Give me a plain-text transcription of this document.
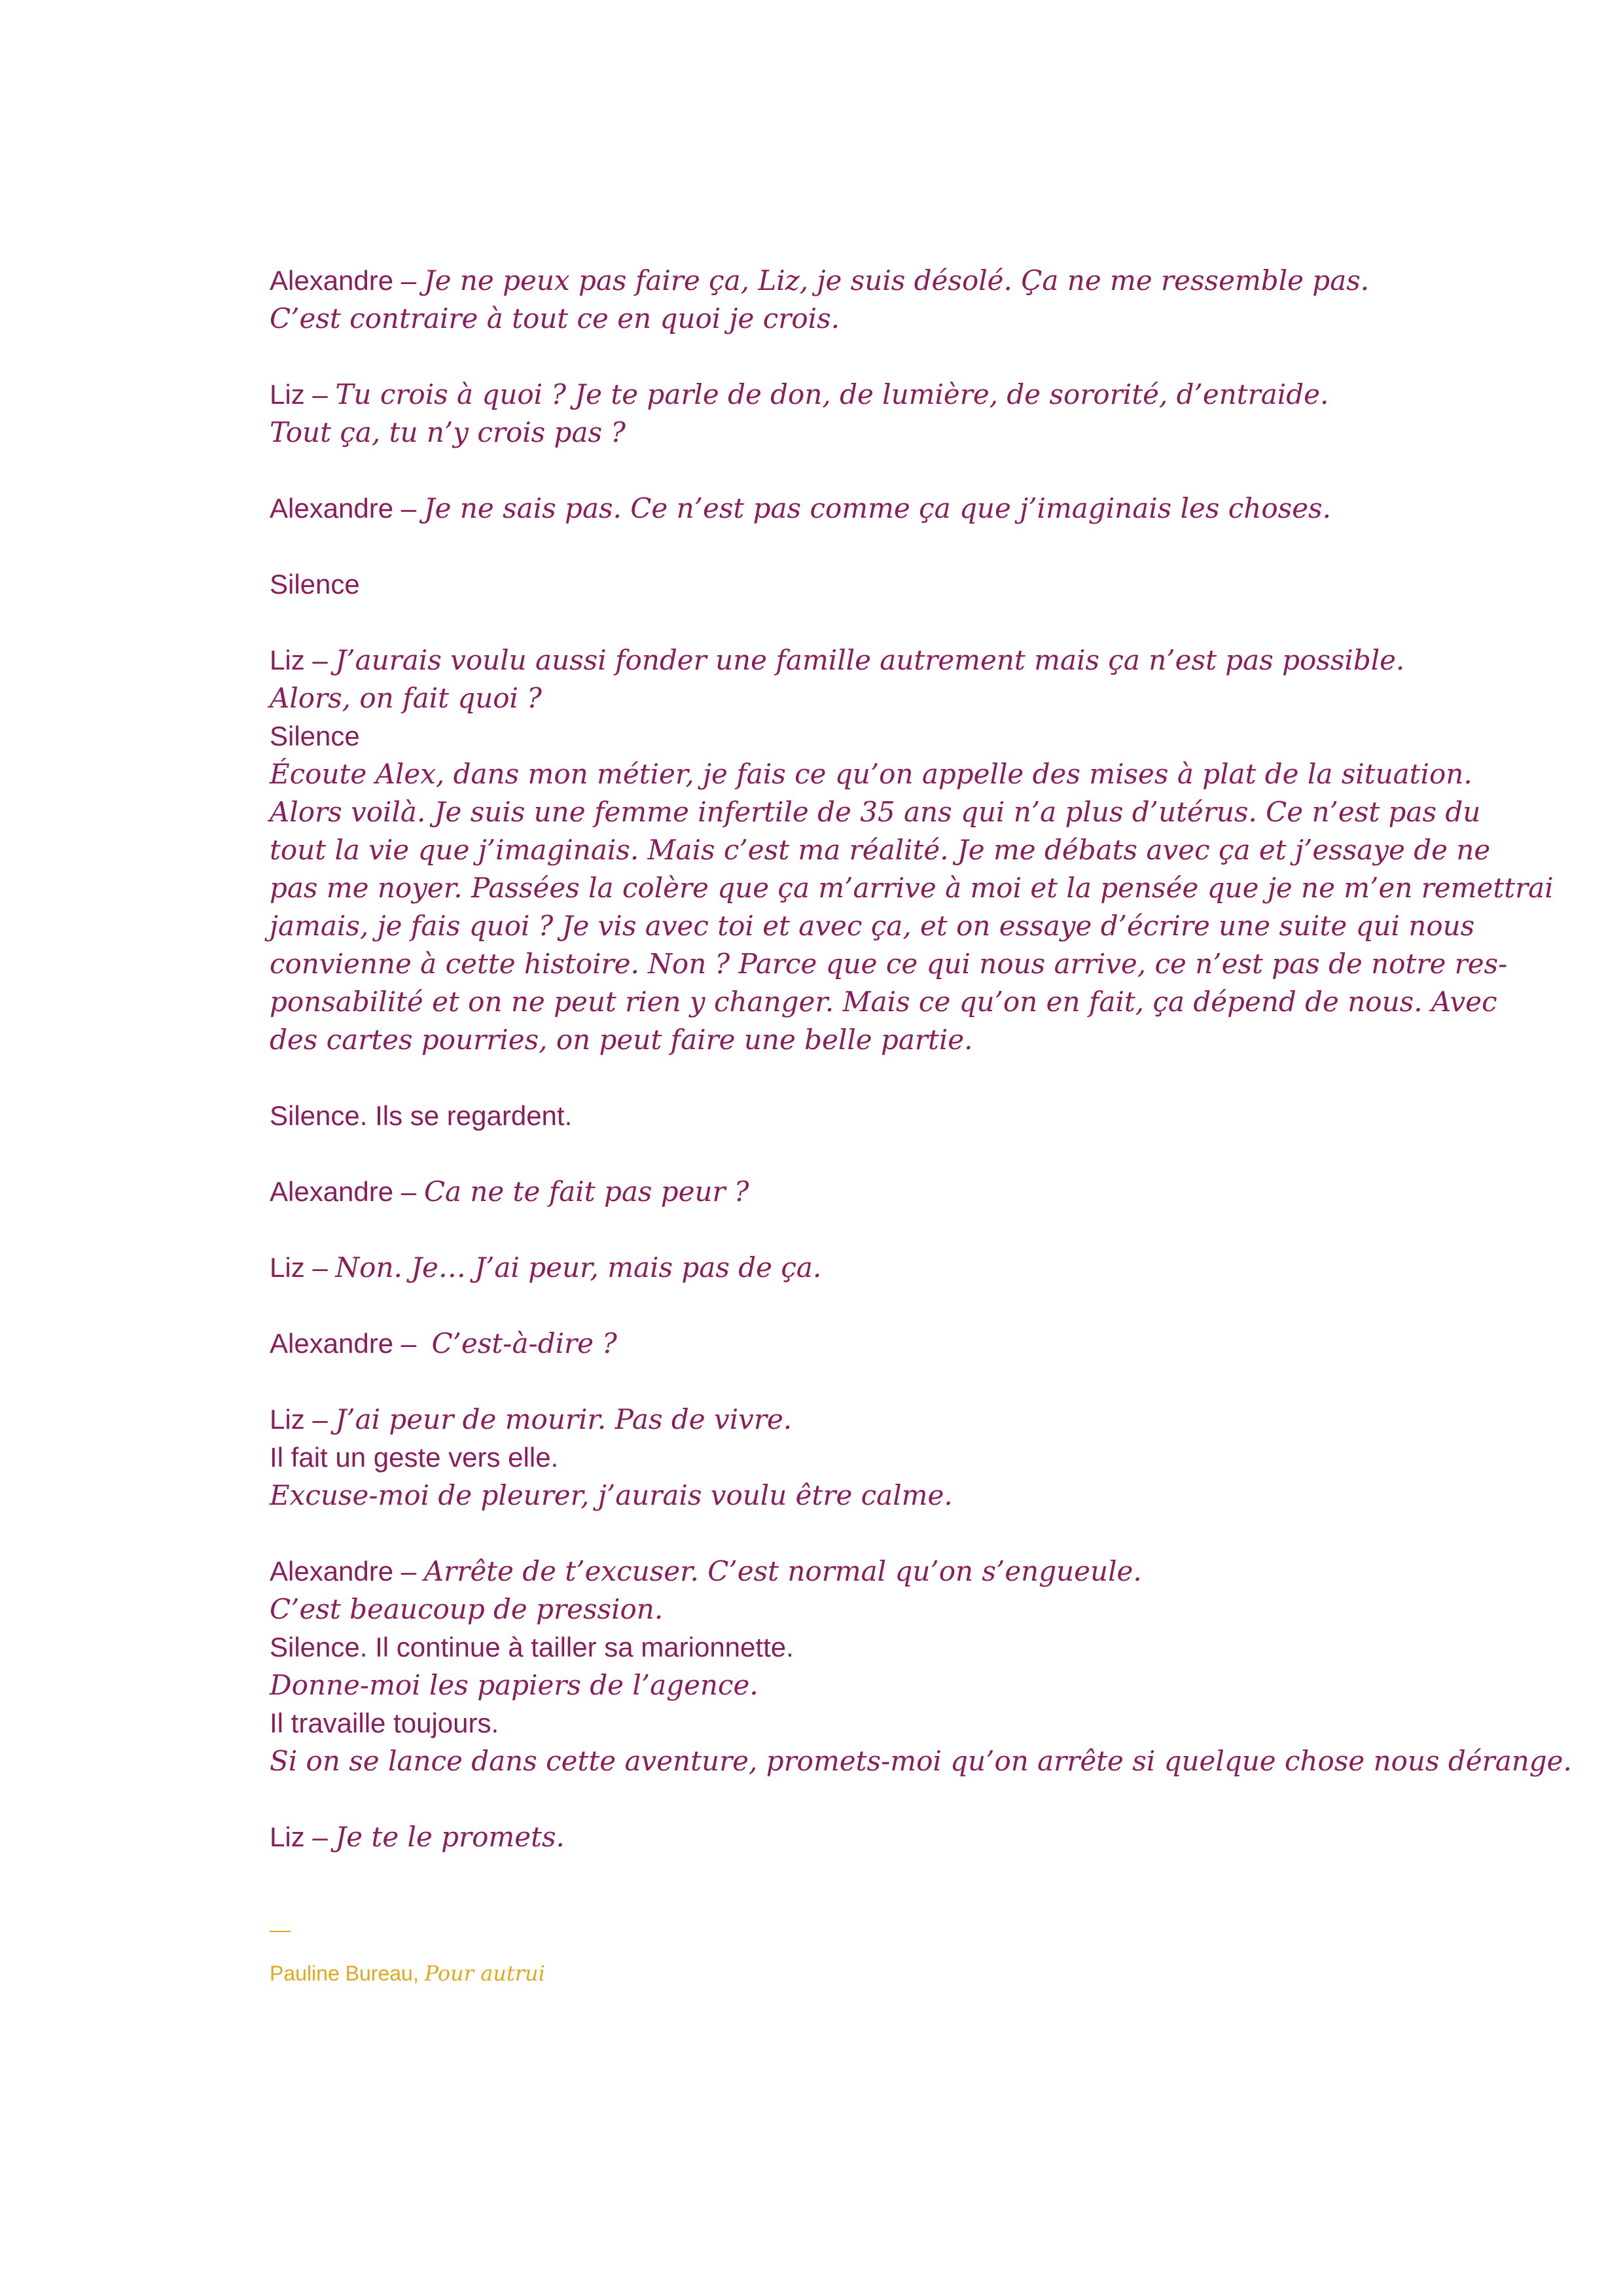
Alexandre – Je ne peux pas faire ça, Liz, je suis désolé. Ça ne me ressemble pas.
C’est contraire à tout ce en quoi je crois.
Liz – Tu crois à quoi ? Je te parle de don, de lumière, de sororité, d’entraide.
Tout ça, tu n’y crois pas ?
Alexandre – Je ne sais pas. Ce n’est pas comme ça que j’imaginais les choses.
Silence
Liz – J’aurais voulu aussi fonder une famille autrement mais ça n’est pas possible.
Alors, on fait quoi ?
Silence
Écoute Alex, dans mon métier, je fais ce qu’on appelle des mises à plat de la situation.
Alors voilà. Je suis une femme infertile de 35 ans qui n’a plus d’utérus. Ce n’est pas du
tout la vie que j’imaginais. Mais c’est ma réalité. Je me débats avec ça et j’essaye de ne
pas me noyer. Passées la colère que ça m’arrive à moi et la pensée que je ne m’en remettrai
jamais, je fais quoi ? Je vis avec toi et avec ça, et on essaye d’écrire une suite qui nous
convienne à cette histoire. Non ? Parce que ce qui nous arrive, ce n’est pas de notre res-
ponsabilité et on ne peut rien y changer. Mais ce qu’on en fait, ça dépend de nous. Avec
des cartes pourries, on peut faire une belle partie.
Silence. Ils se regardent.
Alexandre – Ca ne te fait pas peur ?
Liz – Non. Je… J’ai peur, mais pas de ça.
Alexandre –  C’est-à-dire ?
Liz – J’ai peur de mourir. Pas de vivre.
Il fait un geste vers elle.
Excuse-moi de pleurer, j’aurais voulu être calme.
Alexandre – Arrête de t’excuser. C’est normal qu’on s’engueule.
C’est beaucoup de pression.
Silence. Il continue à tailler sa marionnette.
Donne-moi les papiers de l’agence.
Il travaille toujours.
Si on se lance dans cette aventure, promets-moi qu’on arrête si quelque chose nous dérange.
Liz – Je te le promets.
Pauline Bureau, Pour autrui
